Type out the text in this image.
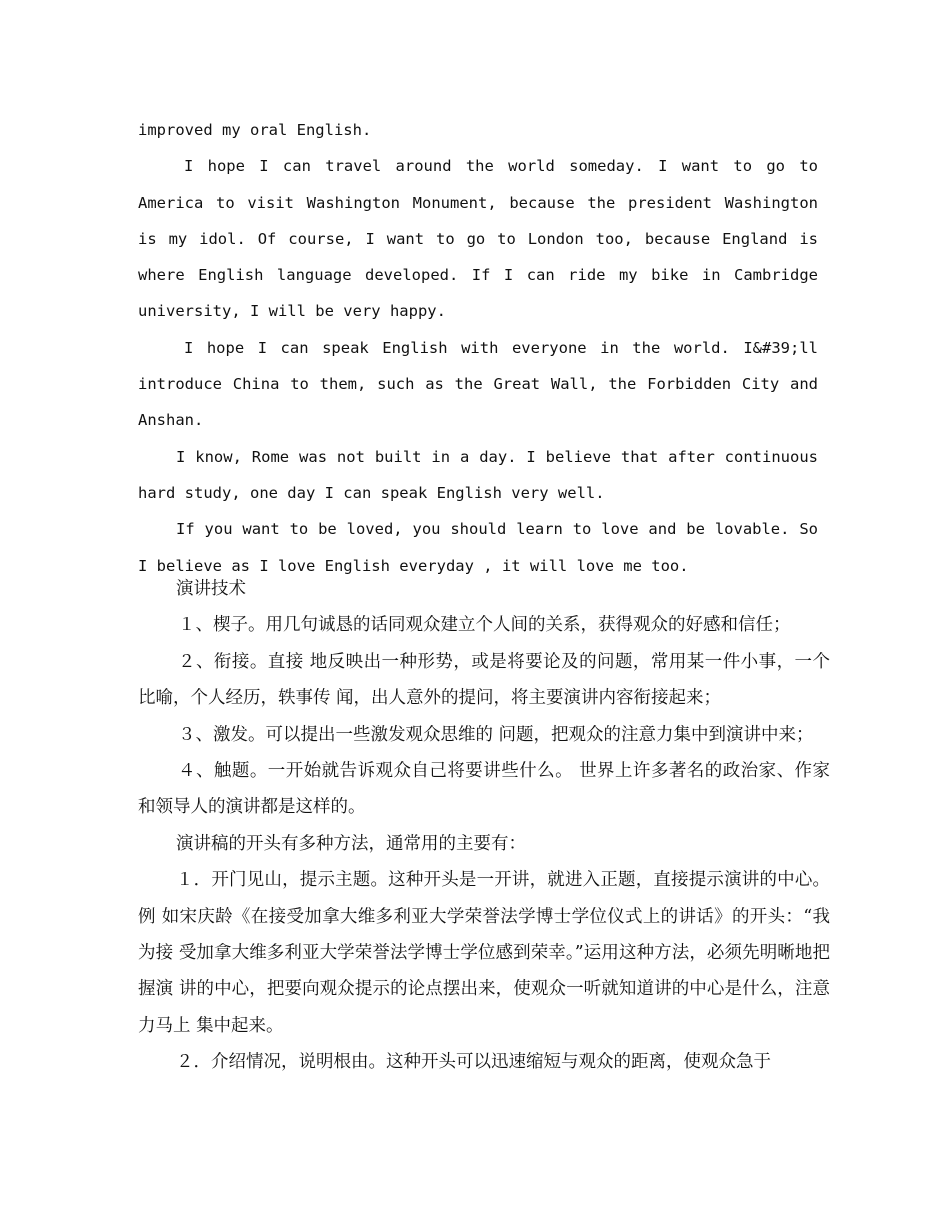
improved my oral English.

I hope I can travel around the world someday. I want to go to America to visit Washington Monument, because the president Washington is my idol. Of course, I want to go to London too, because England is where English language developed. If I can ride my bike in Cambridge university, I will be very happy.

I hope I can speak English with everyone in the world. I&#39;ll introduce China to them, such as the Great Wall, the Forbidden City and Anshan.

I know, Rome was not built in a day. I believe that after continuous hard study, one day I can speak English very well.

If you want to be loved, you should learn to love and be lovable. So I believe as I love English everyday , it will love me too.

演讲技术

１、楔子。用几句诚恳的话同观众建立个人间的关系，获得观众的好感和信任；

２、衔接。直接 地反映出一种形势，或是将要论及的问题，常用某一件小事，一个比喻，个人经历，轶事传 闻，出人意外的提问，将主要演讲内容衔接起来；

３、激发。可以提出一些激发观众思维的 问题，把观众的注意力集中到演讲中来；

４、触题。一开始就告诉观众自己将要讲些什么。 世界上许多著名的政治家、作家和领导人的演讲都是这样的。

演讲稿的开头有多种方法，通常用的主要有：

１．开门见山，提示主题。这种开头是一开讲，就进入正题，直接提示演讲的中心。例 如宋庆龄《在接受加拿大维多利亚大学荣誉法学博士学位仪式上的讲话》的开头：“我为接 受加拿大维多利亚大学荣誉法学博士学位感到荣幸。”运用这种方法，必须先明晰地把握演 讲的中心，把要向观众提示的论点摆出来，使观众一听就知道讲的中心是什么，注意力马上 集中起来。

２．介绍情况，说明根由。这种开头可以迅速缩短与观众的距离，使观众急于
